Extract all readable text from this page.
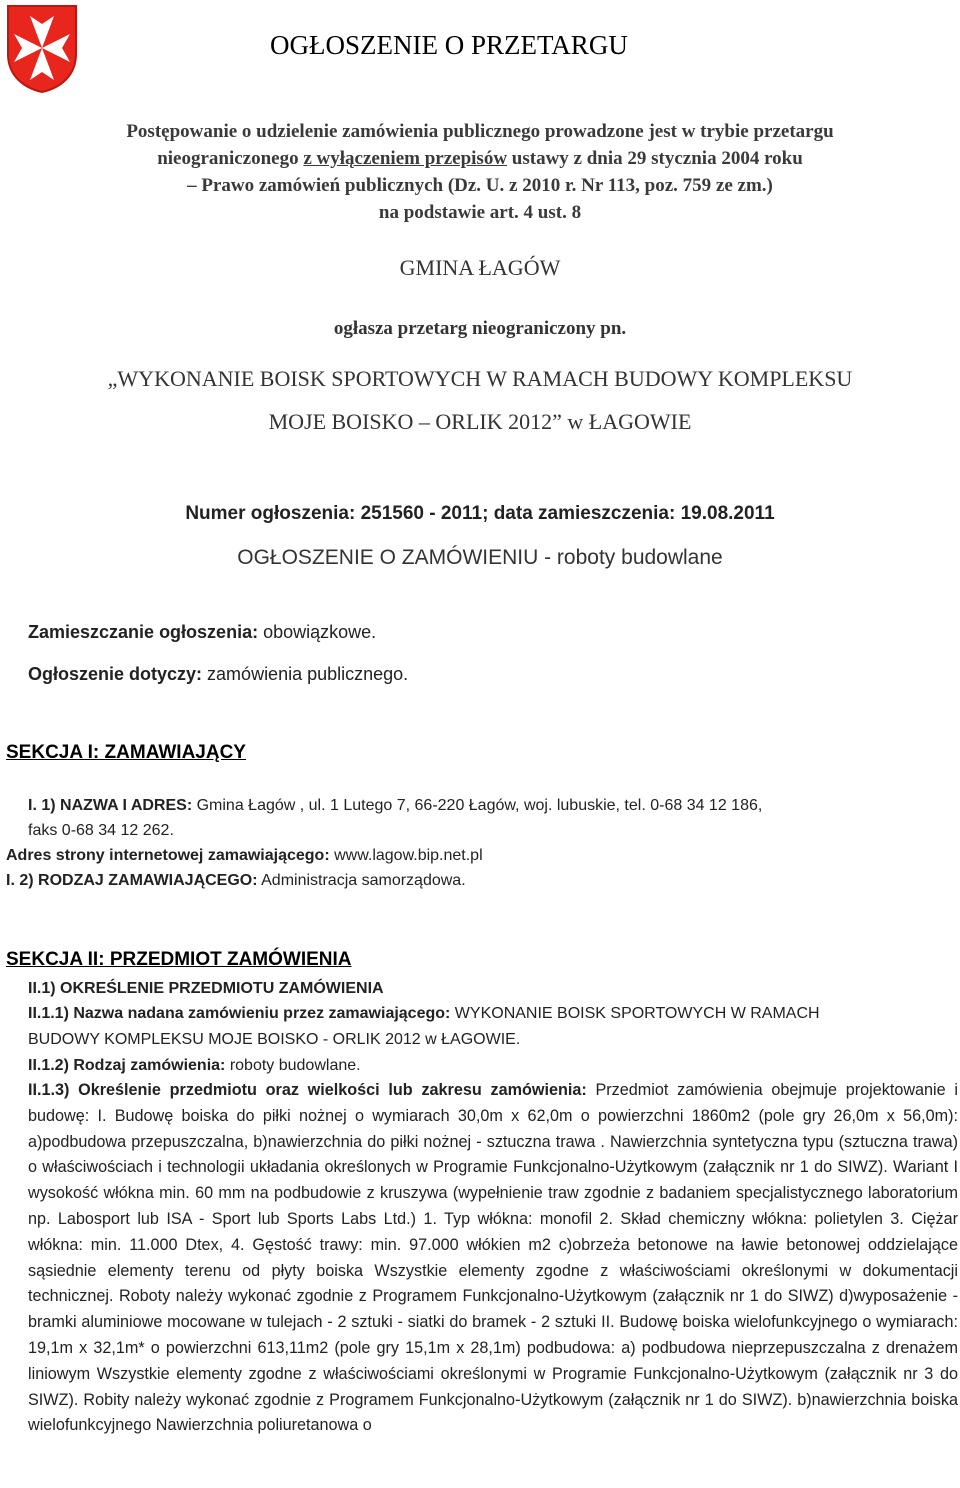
OGŁOSZENIE O PRZETARGU
Postępowanie o udzielenie zamówienia publicznego prowadzone jest w trybie przetargu
nieograniczonego z wyłączeniem przepisów ustawy z dnia 29 stycznia 2004 roku
– Prawo zamówień publicznych (Dz. U. z 2010 r. Nr 113, poz. 759 ze zm.)
na podstawie art. 4 ust. 8
GMINA ŁAGÓW
ogłasza przetarg nieograniczony pn.
„WYKONANIE BOISK SPORTOWYCH W RAMACH BUDOWY KOMPLEKSU
MOJE BOISKO – ORLIK 2012” w ŁAGOWIE
Numer ogłoszenia: 251560 - 2011; data zamieszczenia: 19.08.2011
OGŁOSZENIE O ZAMÓWIENIU - roboty budowlane
Zamieszczanie ogłoszenia: obowiązkowe.
Ogłoszenie dotyczy: zamówienia publicznego.
SEKCJA I: ZAMAWIAJĄCY
I. 1) NAZWA I ADRES: Gmina Łagów , ul. 1 Lutego 7, 66-220 Łagów, woj. lubuskie, tel. 0-68 34 12 186,
faks 0-68 34 12 262.
Adres strony internetowej zamawiającego: www.lagow.bip.net.pl
I. 2) RODZAJ ZAMAWIAJĄCEGO: Administracja samorządowa.
SEKCJA II: PRZEDMIOT ZAMÓWIENIA
II.1) OKREŚLENIE PRZEDMIOTU ZAMÓWIENIA
II.1.1) Nazwa nadana zamówieniu przez zamawiającego: WYKONANIE BOISK SPORTOWYCH W RAMACH
BUDOWY KOMPLEKSU MOJE BOISKO - ORLIK 2012 w ŁAGOWIE.
II.1.2) Rodzaj zamówienia: roboty budowlane.
II.1.3) Określenie przedmiotu oraz wielkości lub zakresu zamówienia: Przedmiot zamówienia obejmuje projektowanie i budowę: I. Budowę boiska do piłki nożnej o wymiarach 30,0m x 62,0m o powierzchni 1860m2 (pole gry 26,0m x 56,0m): a)podbudowa przepuszczalna, b)nawierzchnia do piłki nożnej - sztuczna trawa . Nawierzchnia syntetyczna typu (sztuczna trawa) o właściwościach i technologii układania określonych w Programie Funkcjonalno-Użytkowym (załącznik nr 1 do SIWZ). Wariant I wysokość włókna min. 60 mm na podbudowie z kruszywa (wypełnienie traw zgodnie z badaniem specjalistycznego laboratorium np. Labosport lub ISA - Sport lub Sports Labs Ltd.) 1. Typ włókna: monofil 2. Skład chemiczny włókna: polietylen 3. Ciężar włókna: min. 11.000 Dtex, 4. Gęstość trawy: min. 97.000 włókien m2 c)obrzeża betonowe na ławie betonowej oddzielające sąsiednie elementy terenu od płyty boiska Wszystkie elementy zgodne z właściwościami określonymi w dokumentacji technicznej. Roboty należy wykonać zgodnie z Programem Funkcjonalno-Użytkowym (załącznik nr 1 do SIWZ) d)wyposażenie - bramki aluminiowe mocowane w tulejach - 2 sztuki - siatki do bramek - 2 sztuki II. Budowę boiska wielofunkcyjnego o wymiarach: 19,1m x 32,1m* o powierzchni 613,11m2 (pole gry 15,1m x 28,1m) podbudowa: a) podbudowa nieprzepuszczalna z drenażem liniowym Wszystkie elementy zgodne z właściwościami określonymi w Programie Funkcjonalno-Użytkowym (załącznik nr 3 do SIWZ). Robity należy wykonać zgodnie z Programem Funkcjonalno-Użytkowym (załącznik nr 1 do SIWZ). b)nawierzchnia boiska wielofunkcyjnego Nawierzchnia poliuretanowa o
